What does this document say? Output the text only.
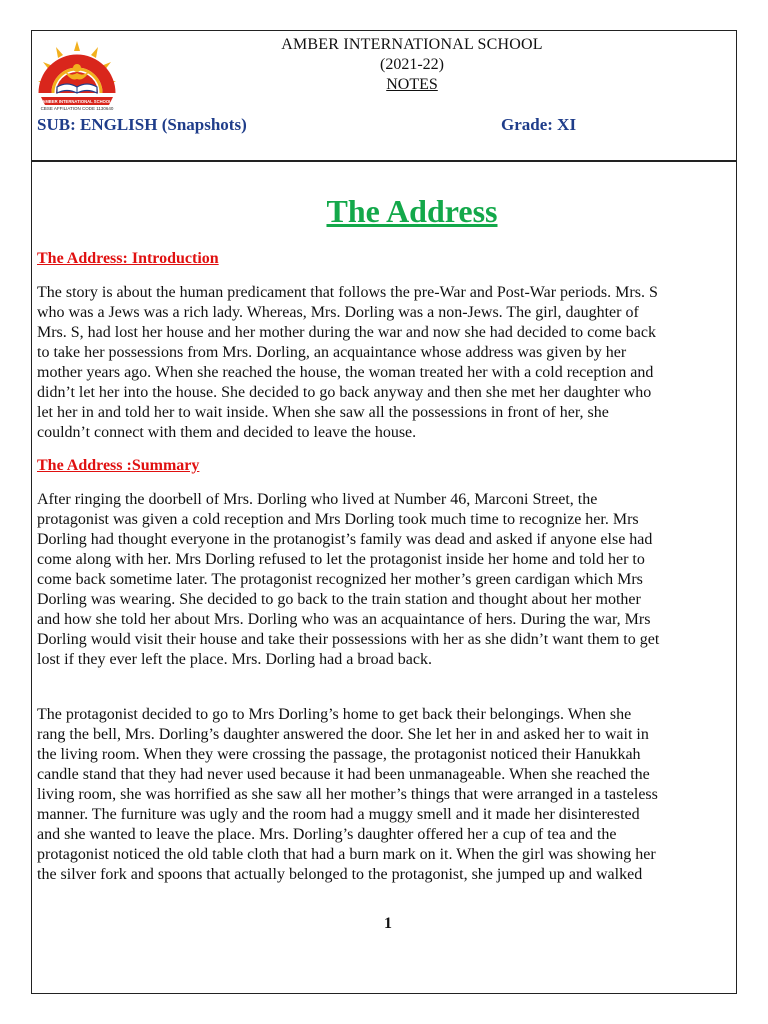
AMBER INTERNATIONAL SCHOOL
CBSE AFFILIATION CODE 1130640
AMBER INTERNATIONAL SCHOOL
(2021-22)
NOTES
SUB: ENGLISH (Snapshots)	Grade: XI
The Address
The Address: Introduction
The story is about the human predicament that follows the pre-War and Post-War periods. Mrs. S
who was a Jews was a rich lady. Whereas, Mrs. Dorling was a non-Jews. The girl, daughter of
Mrs. S, had lost her house and her mother during the war and now she had decided to come back
to take her possessions from Mrs. Dorling, an acquaintance whose address was given by her
mother years ago. When she reached the house, the woman treated her with a cold reception and
didn’t let her into the house. She decided to go back anyway and then she met her daughter who
let her in and told her to wait inside. When she saw all the possessions in front of her, she
couldn’t connect with them and decided to leave the house.
The Address :Summary
After ringing the doorbell of Mrs. Dorling who lived at Number 46, Marconi Street, the
protagonist was given a cold reception and Mrs Dorling took much time to recognize her. Mrs
Dorling had thought everyone in the protanogist’s family was dead and asked if anyone else had
come along with her. Mrs Dorling refused to let the protagonist inside her home and told her to
come back sometime later. The protagonist recognized her mother’s green cardigan which Mrs
Dorling was wearing. She decided to go back to the train station and thought about her mother
and how she told her about Mrs. Dorling who was an acquaintance of hers. During the war, Mrs
Dorling would visit their house and take their possessions with her as she didn’t want them to get
lost if they ever left the place. Mrs. Dorling had a broad back.
The protagonist decided to go to Mrs Dorling’s home to get back their belongings. When she
rang the bell, Mrs. Dorling’s daughter answered the door. She let her in and asked her to wait in
the living room. When they were crossing the passage, the protagonist noticed their Hanukkah
candle stand that they had never used because it had been unmanageable. When she reached the
living room, she was horrified as she saw all her mother’s things that were arranged in a tasteless
manner. The furniture was ugly and the room had a muggy smell and it made her disinterested
and she wanted to leave the place. Mrs. Dorling’s daughter offered her a cup of tea and the
protagonist noticed the old table cloth that had a burn mark on it. When the girl was showing her
the silver fork and spoons that actually belonged to the protagonist, she jumped up and walked
1
